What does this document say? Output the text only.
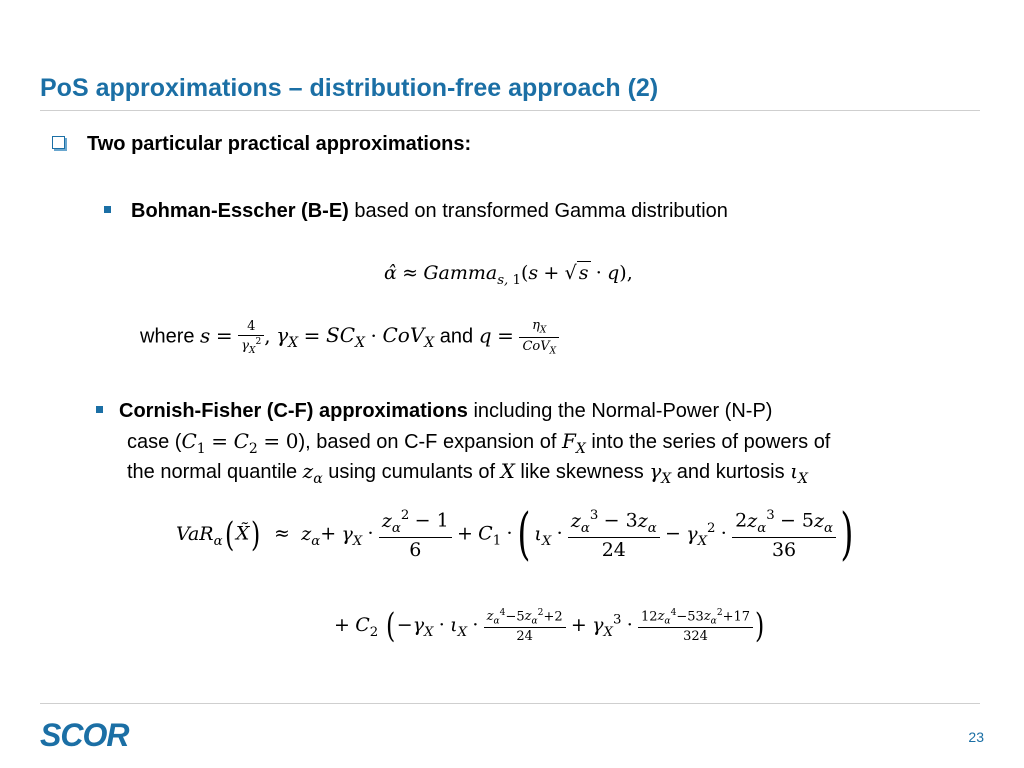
PoS approximations – distribution-free approach (2)
Two particular practical approximations:
Bohman-Esscher (B-E) based on transformed Gamma distribution
α̂ ≈ Gamma$_{s,}$ $_1$(s + √ s · q),
where $s = \frac{4}{\gamma_X^2}$ , $\gamma_X = SC_X \cdot CoV_X$ and $q = \frac{\eta_X}{CoV_X}$
Cornish-Fisher (C-F) approximations including the Normal-Power (N-P)
case $(C_1 = C_2 = 0)$, based on C-F expansion of $F_X$ into the series of powers of
the normal quantile $z_\alpha$ using cumulants of X like skewness $\gamma_X$ and kurtosis $\iota_X$
VaR$_\alpha$( X̃)  ≈  $z_\alpha+ \gamma_X \cdot \frac{z_\alpha^2 - 1}{6} + C_1$ ·( $\iota_X \cdot \frac{z_\alpha^3 - 3z_\alpha}{24} - \gamma_X^2 \cdot \frac{2z_\alpha^3 - 5z_\alpha}{36}$ )
+ $C_2$ ( $-\gamma_X \cdot \iota_X \cdot \frac{z_\alpha^4-5z_\alpha^2+2}{24} + \gamma_X^3 \cdot \frac{12z_\alpha^4-53z_\alpha^2+17}{324}$ )
SCOR	23
